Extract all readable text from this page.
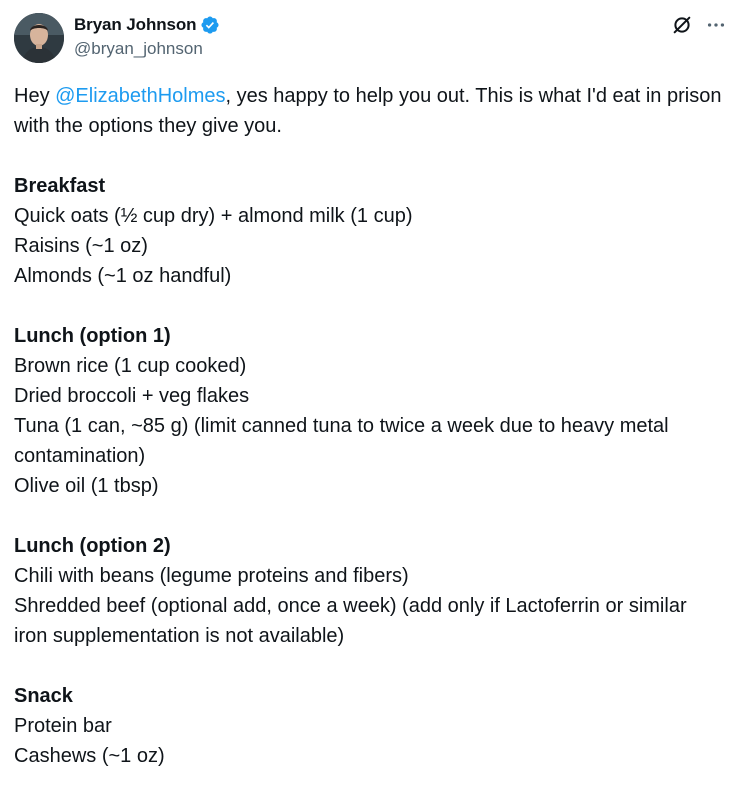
Bryan Johnson
@bryan_johnson

Hey @ElizabethHolmes, yes happy to help you out. This is what I'd eat in prison with the options they give you.

Breakfast
Quick oats (½ cup dry) + almond milk (1 cup)
Raisins (~1 oz)
Almonds (~1 oz handful)
Lunch (option 1)
Brown rice (1 cup cooked)
Dried broccoli + veg flakes
Tuna (1 can, ~85 g) (limit canned tuna to twice a week due to heavy metal contamination)
Olive oil (1 tbsp)
Lunch (option 2)
Chili with beans (legume proteins and fibers)
Shredded beef (optional add, once a week) (add only if Lactoferrin or similar iron supplementation is not available)
Snack
Protein bar
Cashews (~1 oz)
